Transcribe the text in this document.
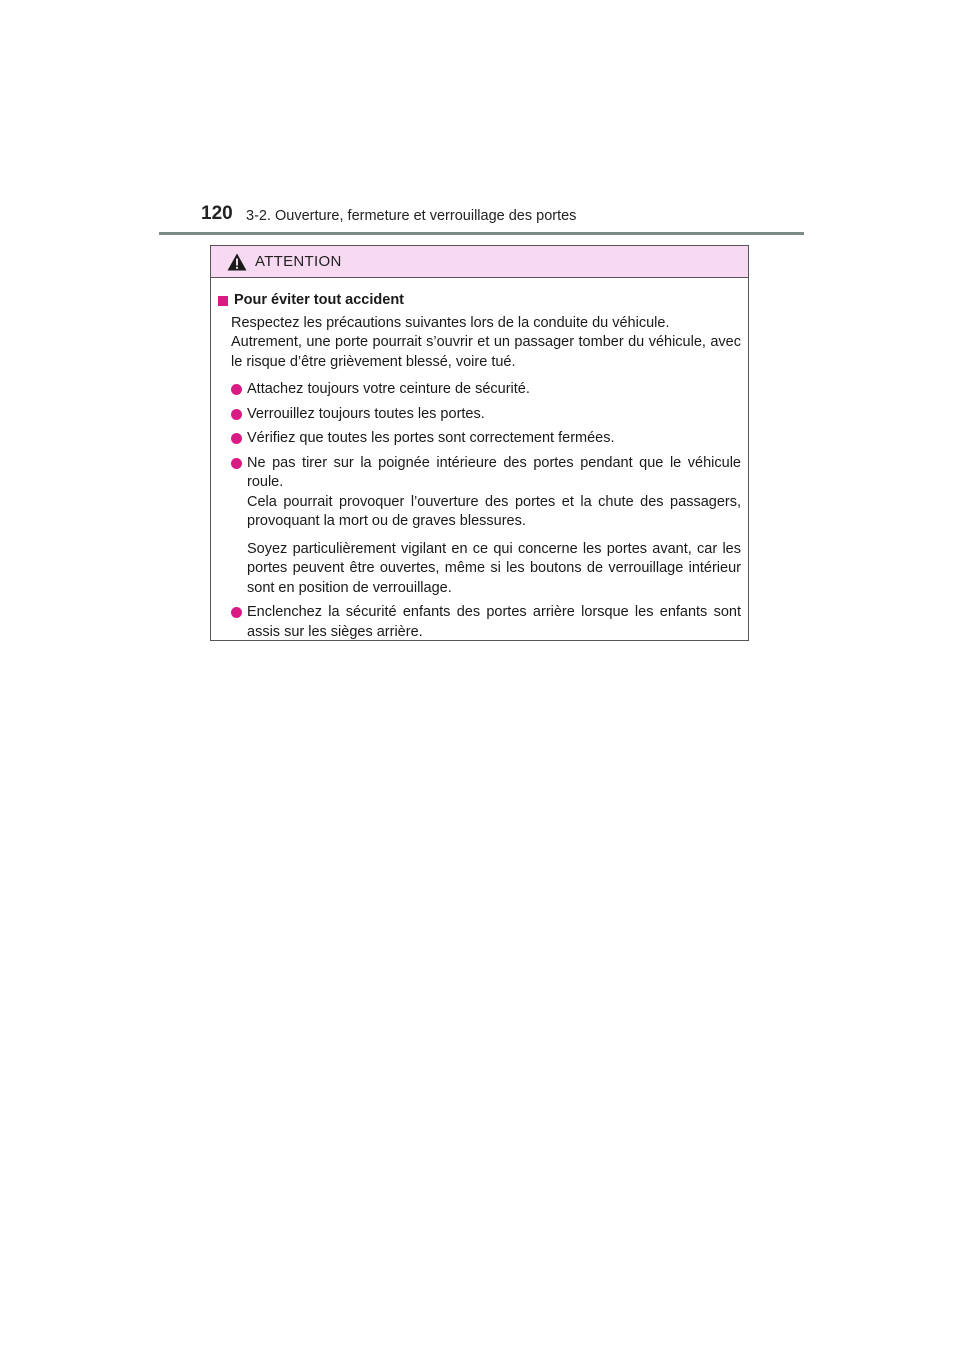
120 3-2. Ouverture, fermeture et verrouillage des portes
ATTENTION
Pour éviter tout accident

Respectez les précautions suivantes lors de la conduite du véhicule.

Autrement, une porte pourrait s’ouvrir et un passager tomber du véhicule, avec le risque d’être grièvement blessé, voire tué.

Attachez toujours votre ceinture de sécurité.
Verrouillez toujours toutes les portes.
Vérifiez que toutes les portes sont correctement fermées.

Ne pas tirer sur la poignée intérieure des portes pendant que le véhicule roule.

Cela pourrait provoquer l’ouverture des portes et la chute des passagers, provoquant la mort ou de graves blessures.

Soyez particulièrement vigilant en ce qui concerne les portes avant, car les portes peuvent être ouvertes, même si les boutons de verrouillage intérieur sont en position de verrouillage.

Enclenchez la sécurité enfants des portes arrière lorsque les enfants sont assis sur les sièges arrière.
